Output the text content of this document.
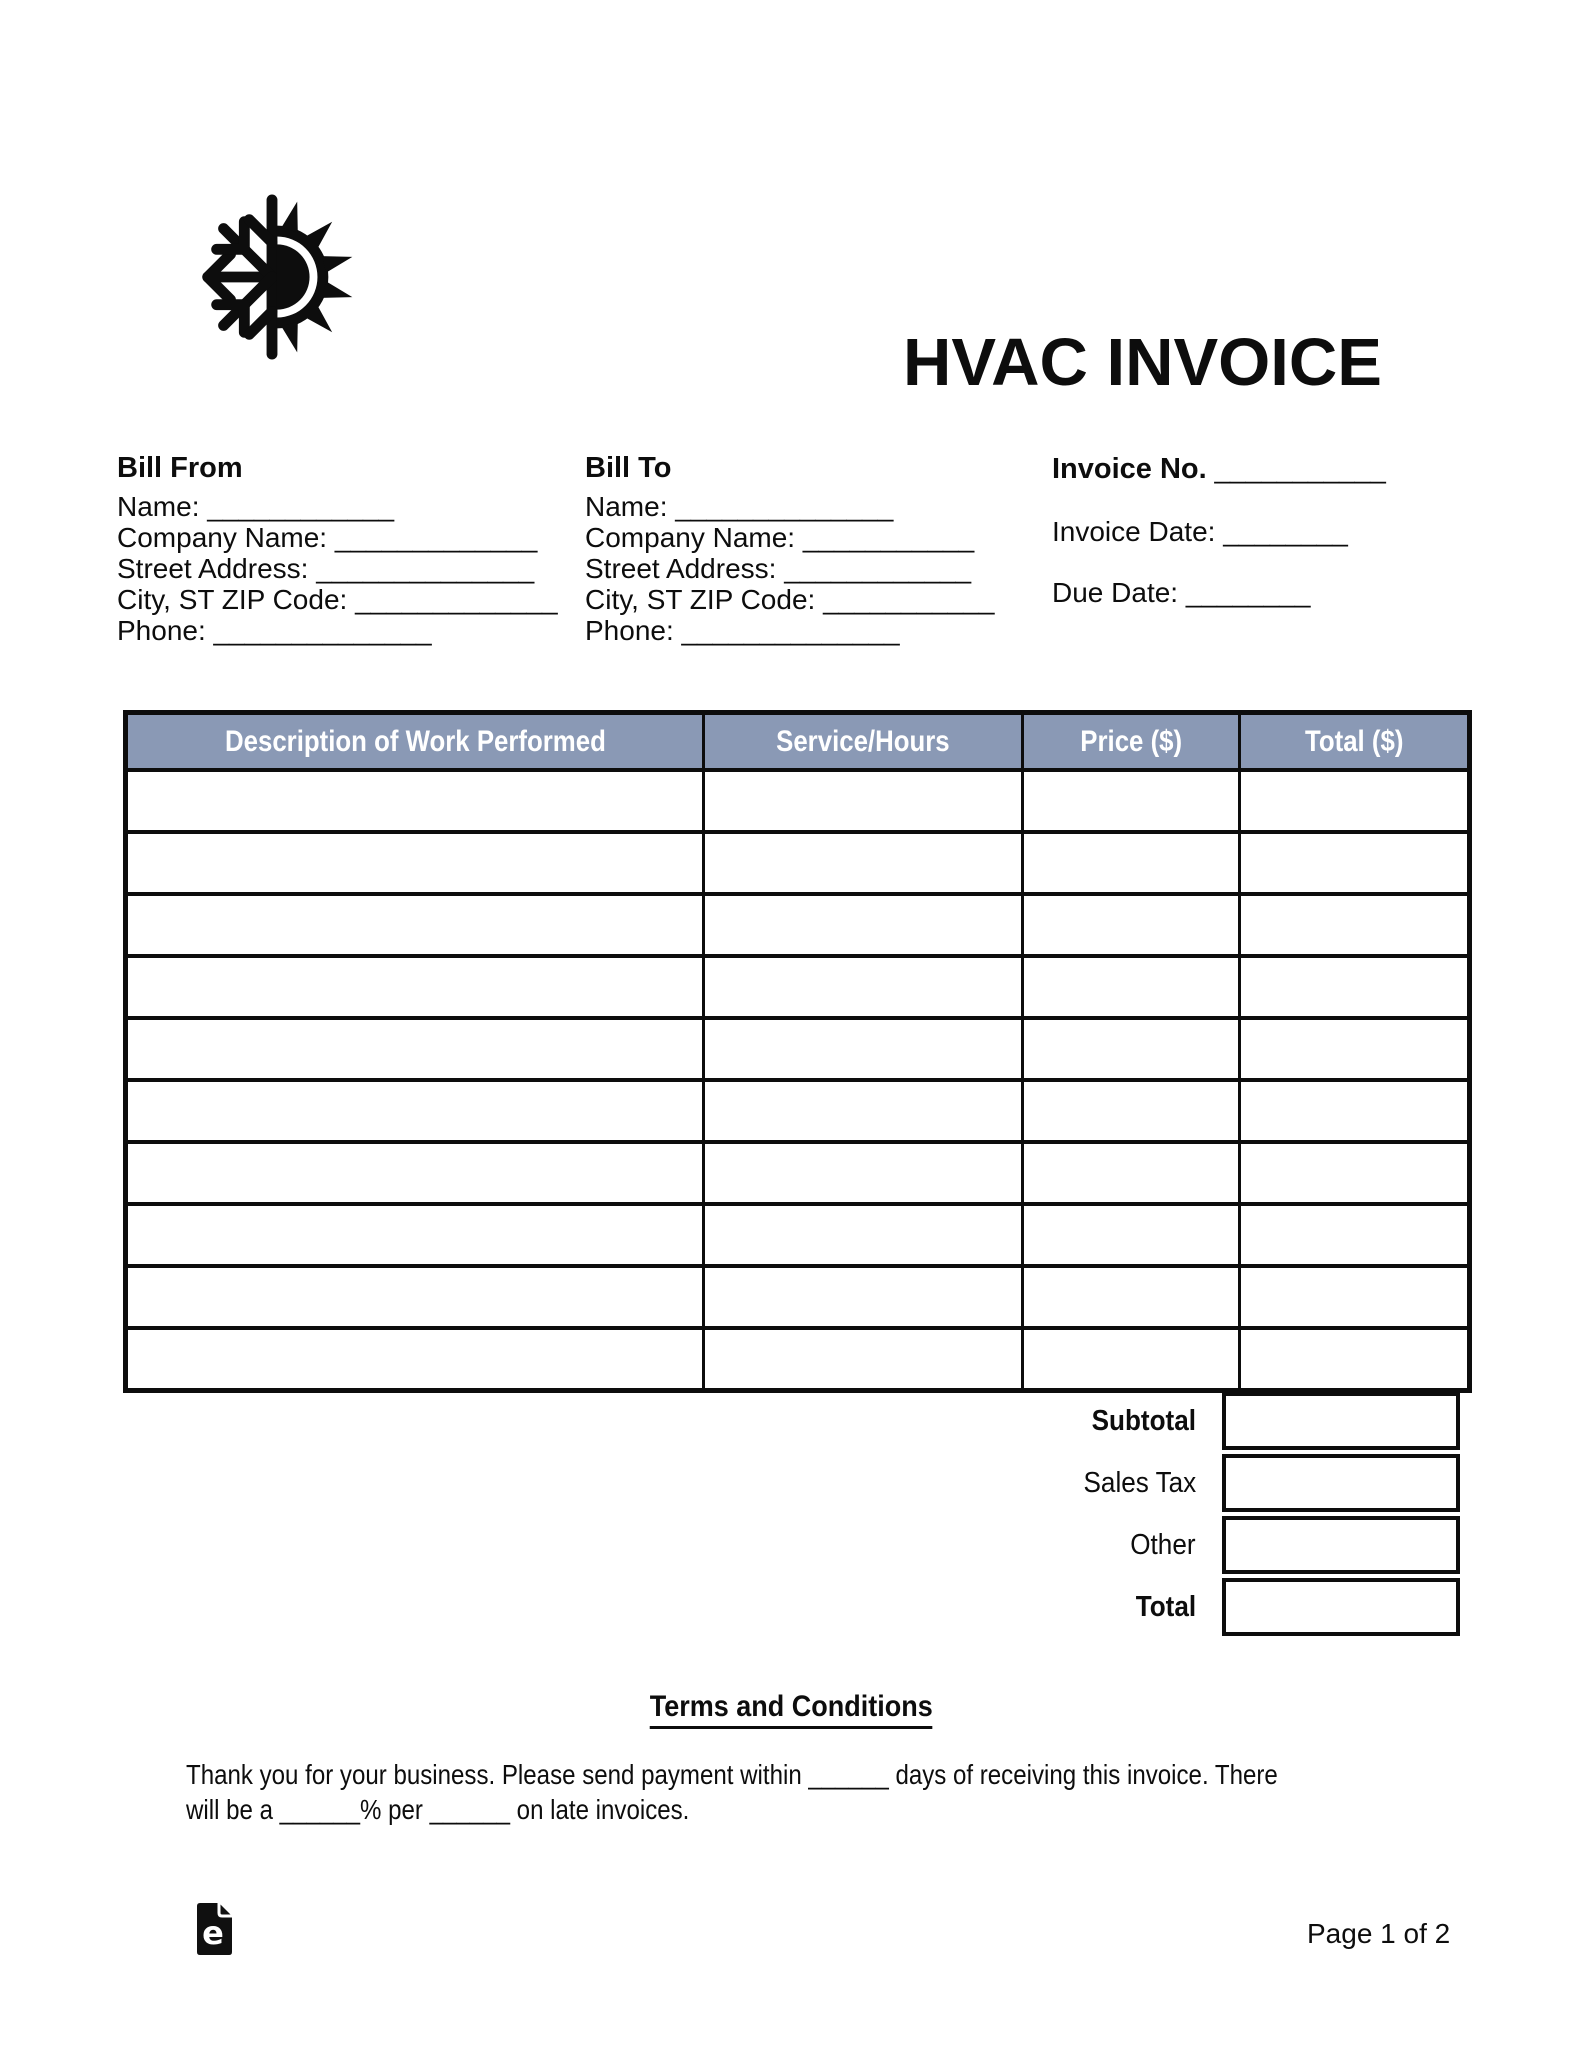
HVAC INVOICE
Bill From
Name: ____________
Company Name: _____________
Street Address: ______________
City, ST ZIP Code: _____________
Phone: ______________
Bill To
Name: ______________
Company Name: ___________
Street Address: ____________
City, ST ZIP Code: ___________
Phone: ______________
Invoice No. ___________
Invoice Date: ________
Due Date: ________
Description of Work Performed	Service/Hours	Price ($)	Total ($)

Subtotal
Sales Tax
Other
Total
Terms and Conditions
Thank you for your business. Please send payment within ______ days of receiving this invoice. There
will be a ______% per ______ on late invoices.
e	Page 1 of 2
